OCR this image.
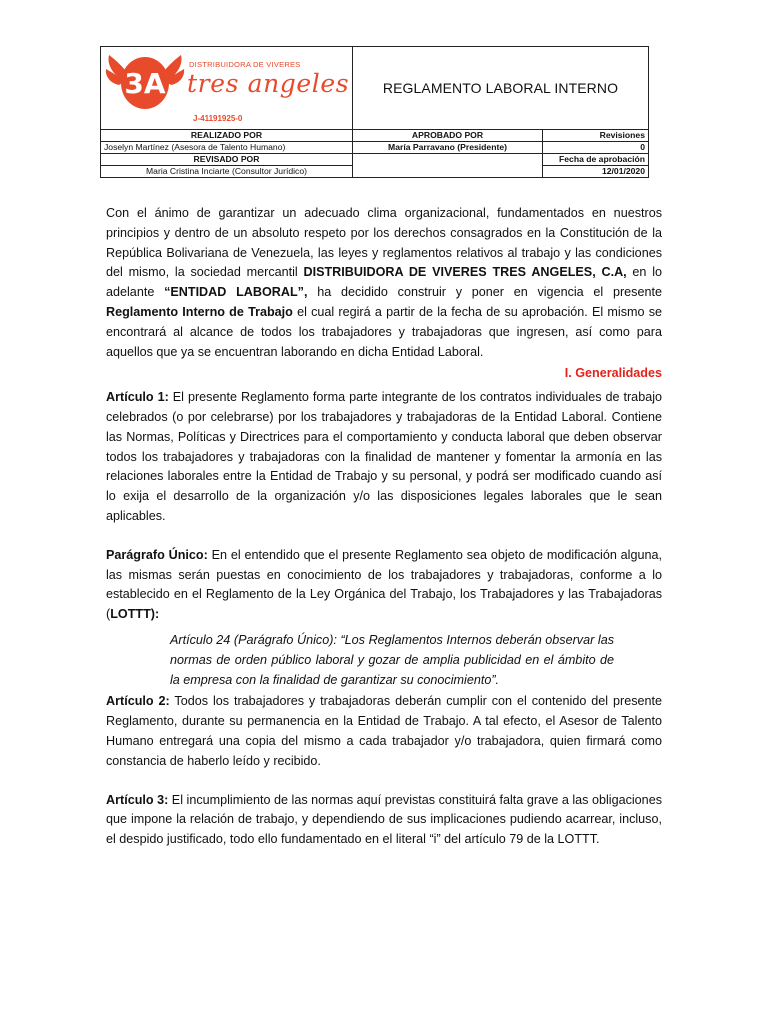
3A
DISTRIBUIDORA DE VIVERES
tres angeles
J-41191925-0	REGLAMENTO LABORAL INTERNO	
REALIZADO POR	APROBADO POR	Revisiones
Joselyn Martínez (Asesora de Talento Humano)	María Parravano (Presidente)	0
REVISADO POR		Fecha de aprobación
Maria Cristina Inciarte (Consultor Jurídico)		12/01/2020

Con el ánimo de garantizar un adecuado clima organizacional, fundamentados en nuestros principios y dentro de un absoluto respeto por los derechos consagrados en la Constitución de la República Bolivariana de Venezuela, las leyes y reglamentos relativos al trabajo y las condiciones del mismo, la sociedad mercantil DISTRIBUIDORA DE VIVERES TRES ANGELES, C.A, en lo adelante “ENTIDAD LABORAL”, ha decidido construir y poner en vigencia el presente Reglamento Interno de Trabajo el cual regirá a partir de la fecha de su aprobación. El mismo se encontrará al alcance de todos los trabajadores y trabajadoras que ingresen, así como para aquellos que ya se encuentran laborando en dicha Entidad Laboral.

I. Generalidades

Artículo 1: El presente Reglamento forma parte integrante de los contratos individuales de trabajo celebrados (o por celebrarse) por los trabajadores y trabajadoras de la Entidad Laboral. Contiene las Normas, Políticas y Directrices para el comportamiento y conducta laboral que deben observar todos los trabajadores y trabajadoras con la finalidad de mantener y fomentar la armonía en las relaciones laborales entre la Entidad de Trabajo y su personal, y podrá ser modificado cuando así lo exija el desarrollo de la organización y/o las disposiciones legales laborales que le sean aplicables.

Parágrafo Único: En el entendido que el presente Reglamento sea objeto de modificación alguna, las mismas serán puestas en conocimiento de los trabajadores y trabajadoras, conforme a lo establecido en el Reglamento de la Ley Orgánica del Trabajo, los Trabajadores y las Trabajadoras (LOTTT):

Artículo 24 (Parágrafo Único): “Los Reglamentos Internos deberán observar las normas de orden público laboral y gozar de amplia publicidad en el ámbito de la empresa con la finalidad de garantizar su conocimiento”.

Artículo 2: Todos los trabajadores y trabajadoras deberán cumplir con el contenido del presente Reglamento, durante su permanencia en la Entidad de Trabajo. A tal efecto, el Asesor de Talento Humano entregará una copia del mismo a cada trabajador y/o trabajadora, quien firmará como constancia de haberlo leído y recibido.

Artículo 3: El incumplimiento de las normas aquí previstas constituirá falta grave a las obligaciones que impone la relación de trabajo, y dependiendo de sus implicaciones pudiendo acarrear, incluso, el despido justificado, todo ello fundamentado en el literal “i” del artículo 79 de la LOTTT.
